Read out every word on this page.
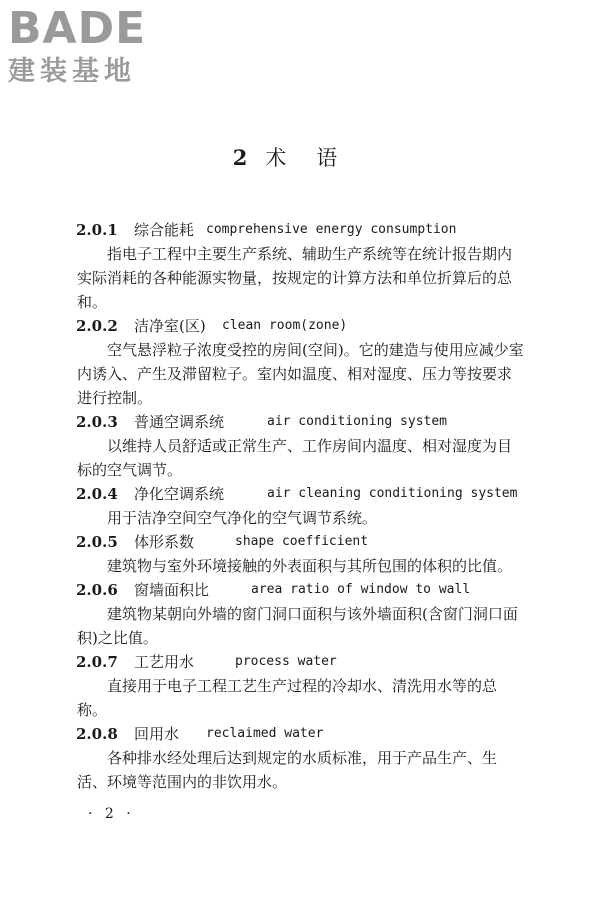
BADE
建装基地
2 术语
2.0.1 综合能耗 comprehensive energy consumption

指电子工程中主要生产系统、辅助生产系统等在统计报告期内实际消耗的各种能源实物量，按规定的计算方法和单位折算后的总和。

2.0.2 洁净室(区) clean room(zone)

空气悬浮粒子浓度受控的房间(空间)。它的建造与使用应减少室内诱入、产生及滞留粒子。室内如温度、相对湿度、压力等按要求进行控制。

2.0.3 普通空调系统	air conditioning system

以维持人员舒适或正常生产、工作房间内温度、相对湿度为目标的空气调节。

2.0.4 净化空调系统	air cleaning conditioning system

用于洁净空间空气净化的空气调节系统。

2.0.5 体形系数	shape coefficient

建筑物与室外环境接触的外表面积与其所包围的体积的比值。

2.0.6 窗墙面积比	area ratio of window to wall

建筑物某朝向外墙的窗门洞口面积与该外墙面积(含窗门洞口面积)之比值。

2.0.7 工艺用水	process water

直接用于电子工程工艺生产过程的冷却水、清洗用水等的总称。

2.0.8 回用水 reclaimed water

各种排水经处理后达到规定的水质标准，用于产品生产、生活、环境等范围内的非饮用水。

· 2 ·
